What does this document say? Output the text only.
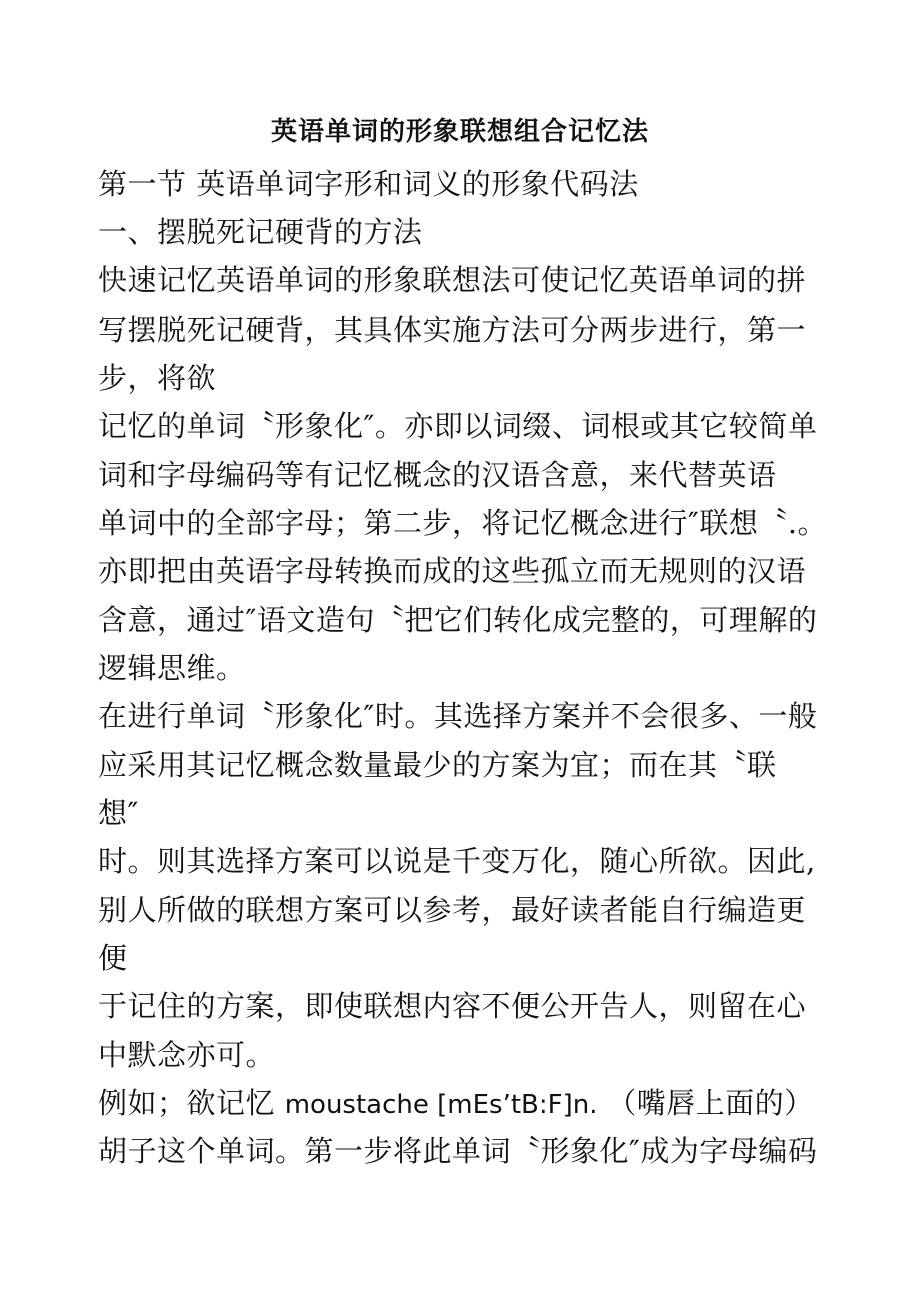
英语单词的形象联想组合记忆法
第一节 英语单词字形和词义的形象代码法
一、摆脱死记硬背的方法
快速记忆英语单词的形象联想法可使记忆英语单词的拼
写摆脱死记硬背，其具体实施方法可分两步进行，第一
步，将欲
记忆的单词〝形象化″。亦即以词缀、词根或其它较简单
词和字母编码等有记忆概念的汉语含意，来代替英语
单词中的全部字母；第二步，将记忆概念进行″联想〝.。
亦即把由英语字母转换而成的这些孤立而无规则的汉语
含意，通过″语文造句〝把它们转化成完整的，可理解的
逻辑思维。
在进行单词〝形象化″时。其选择方案并不会很多、一般
应采用其记忆概念数量最少的方案为宜；而在其〝联
想″
时。则其选择方案可以说是千变万化，随心所欲。因此,
别人所做的联想方案可以参考，最好读者能自行编造更
便
于记住的方案，即使联想内容不便公开告人，则留在心
中默念亦可。
例如；欲记忆 moustache [mEs’tB:F]n. （嘴唇上面的）
胡子这个单词。第一步将此单词〝形象化″成为字母编码
